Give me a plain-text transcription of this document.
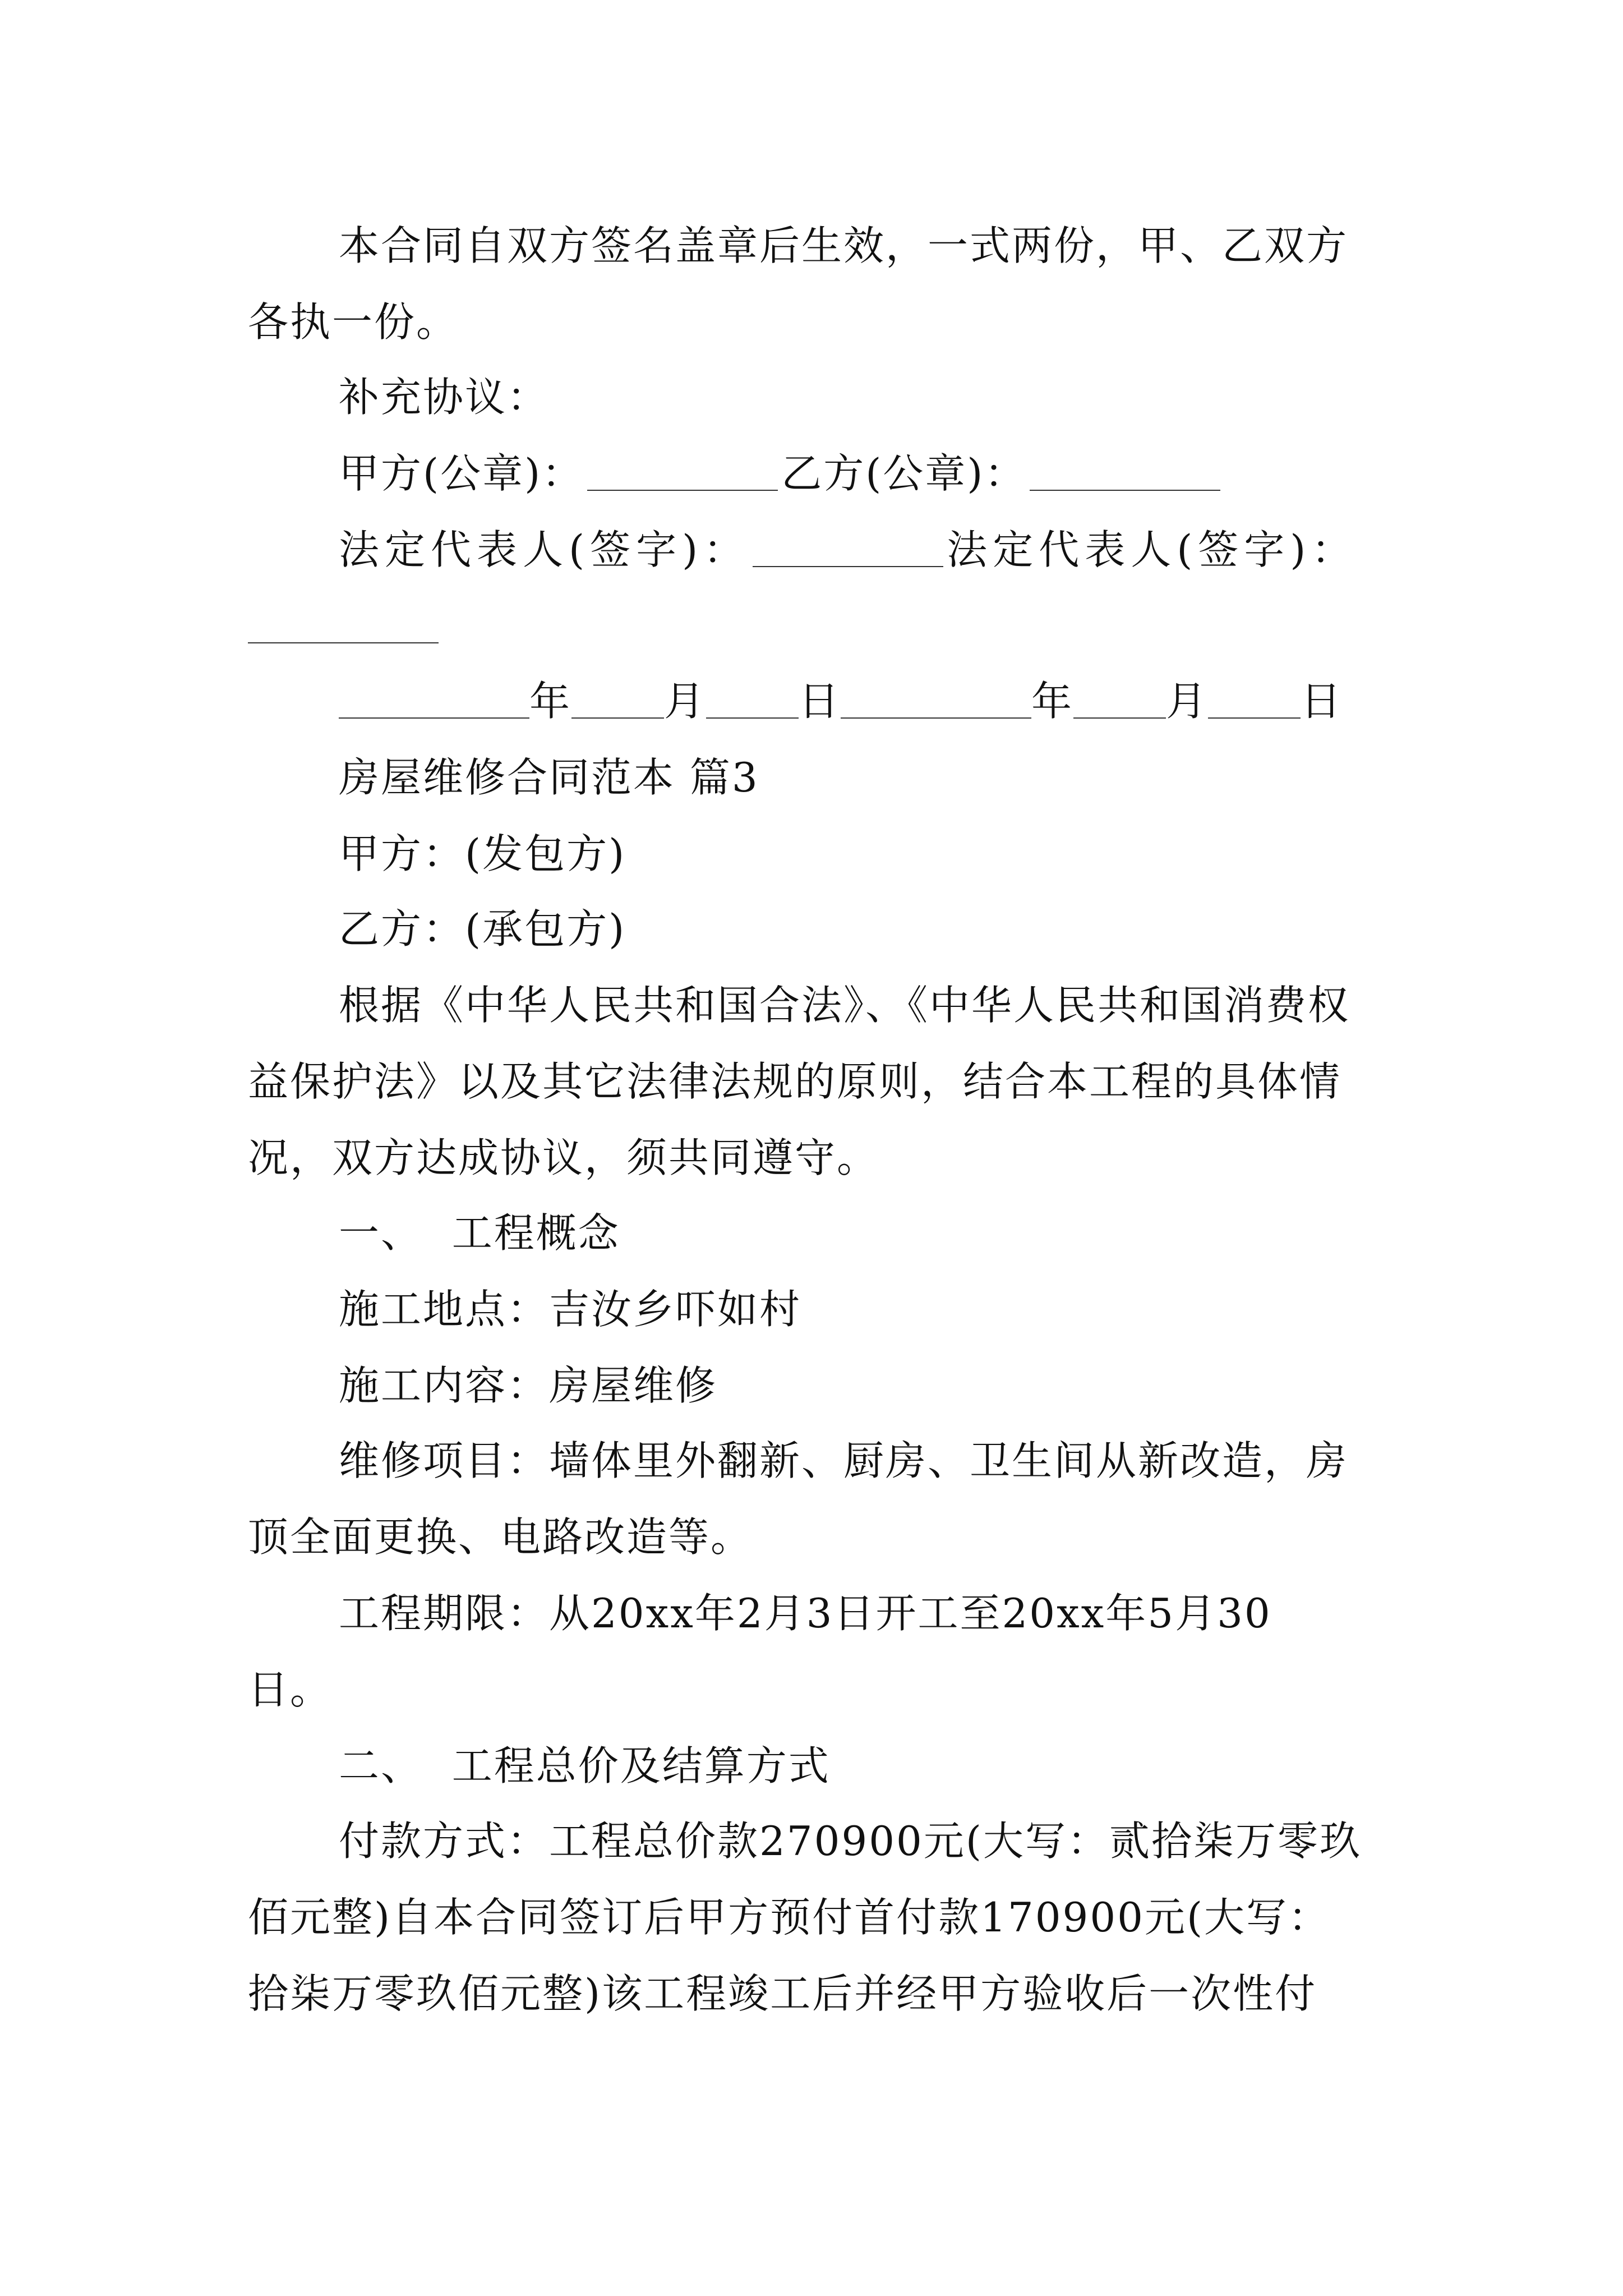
本合同自双方签名盖章后生效，一式两份，甲、乙双方
各执一份。
补充协议：
甲方(公章)：	乙方(公章)：
法定代表人(签字)：	法定代表人(签字)：
年 月 日	年 月 日
房屋维修合同范本 篇3
甲方：(发包方)
乙方：(承包方)
根据《中华人民共和国合法》、《中华人民共和国消费权
益保护法》以及其它法律法规的原则，结合本工程的具体情
况，双方达成协议，须共同遵守。
一、  工程概念
施工地点：吉汝乡吓如村
施工内容：房屋维修
维修项目：墙体里外翻新、厨房、卫生间从新改造，房
顶全面更换、电路改造等。
工程期限：从20xx年2月3日开工至20xx年5月30
日。
二、  工程总价及结算方式
付款方式：工程总价款270900元(大写：贰拾柒万零玖
佰元整)自本合同签订后甲方预付首付款170900元(大写：
拾柒万零玖佰元整)该工程竣工后并经甲方验收后一次性付
